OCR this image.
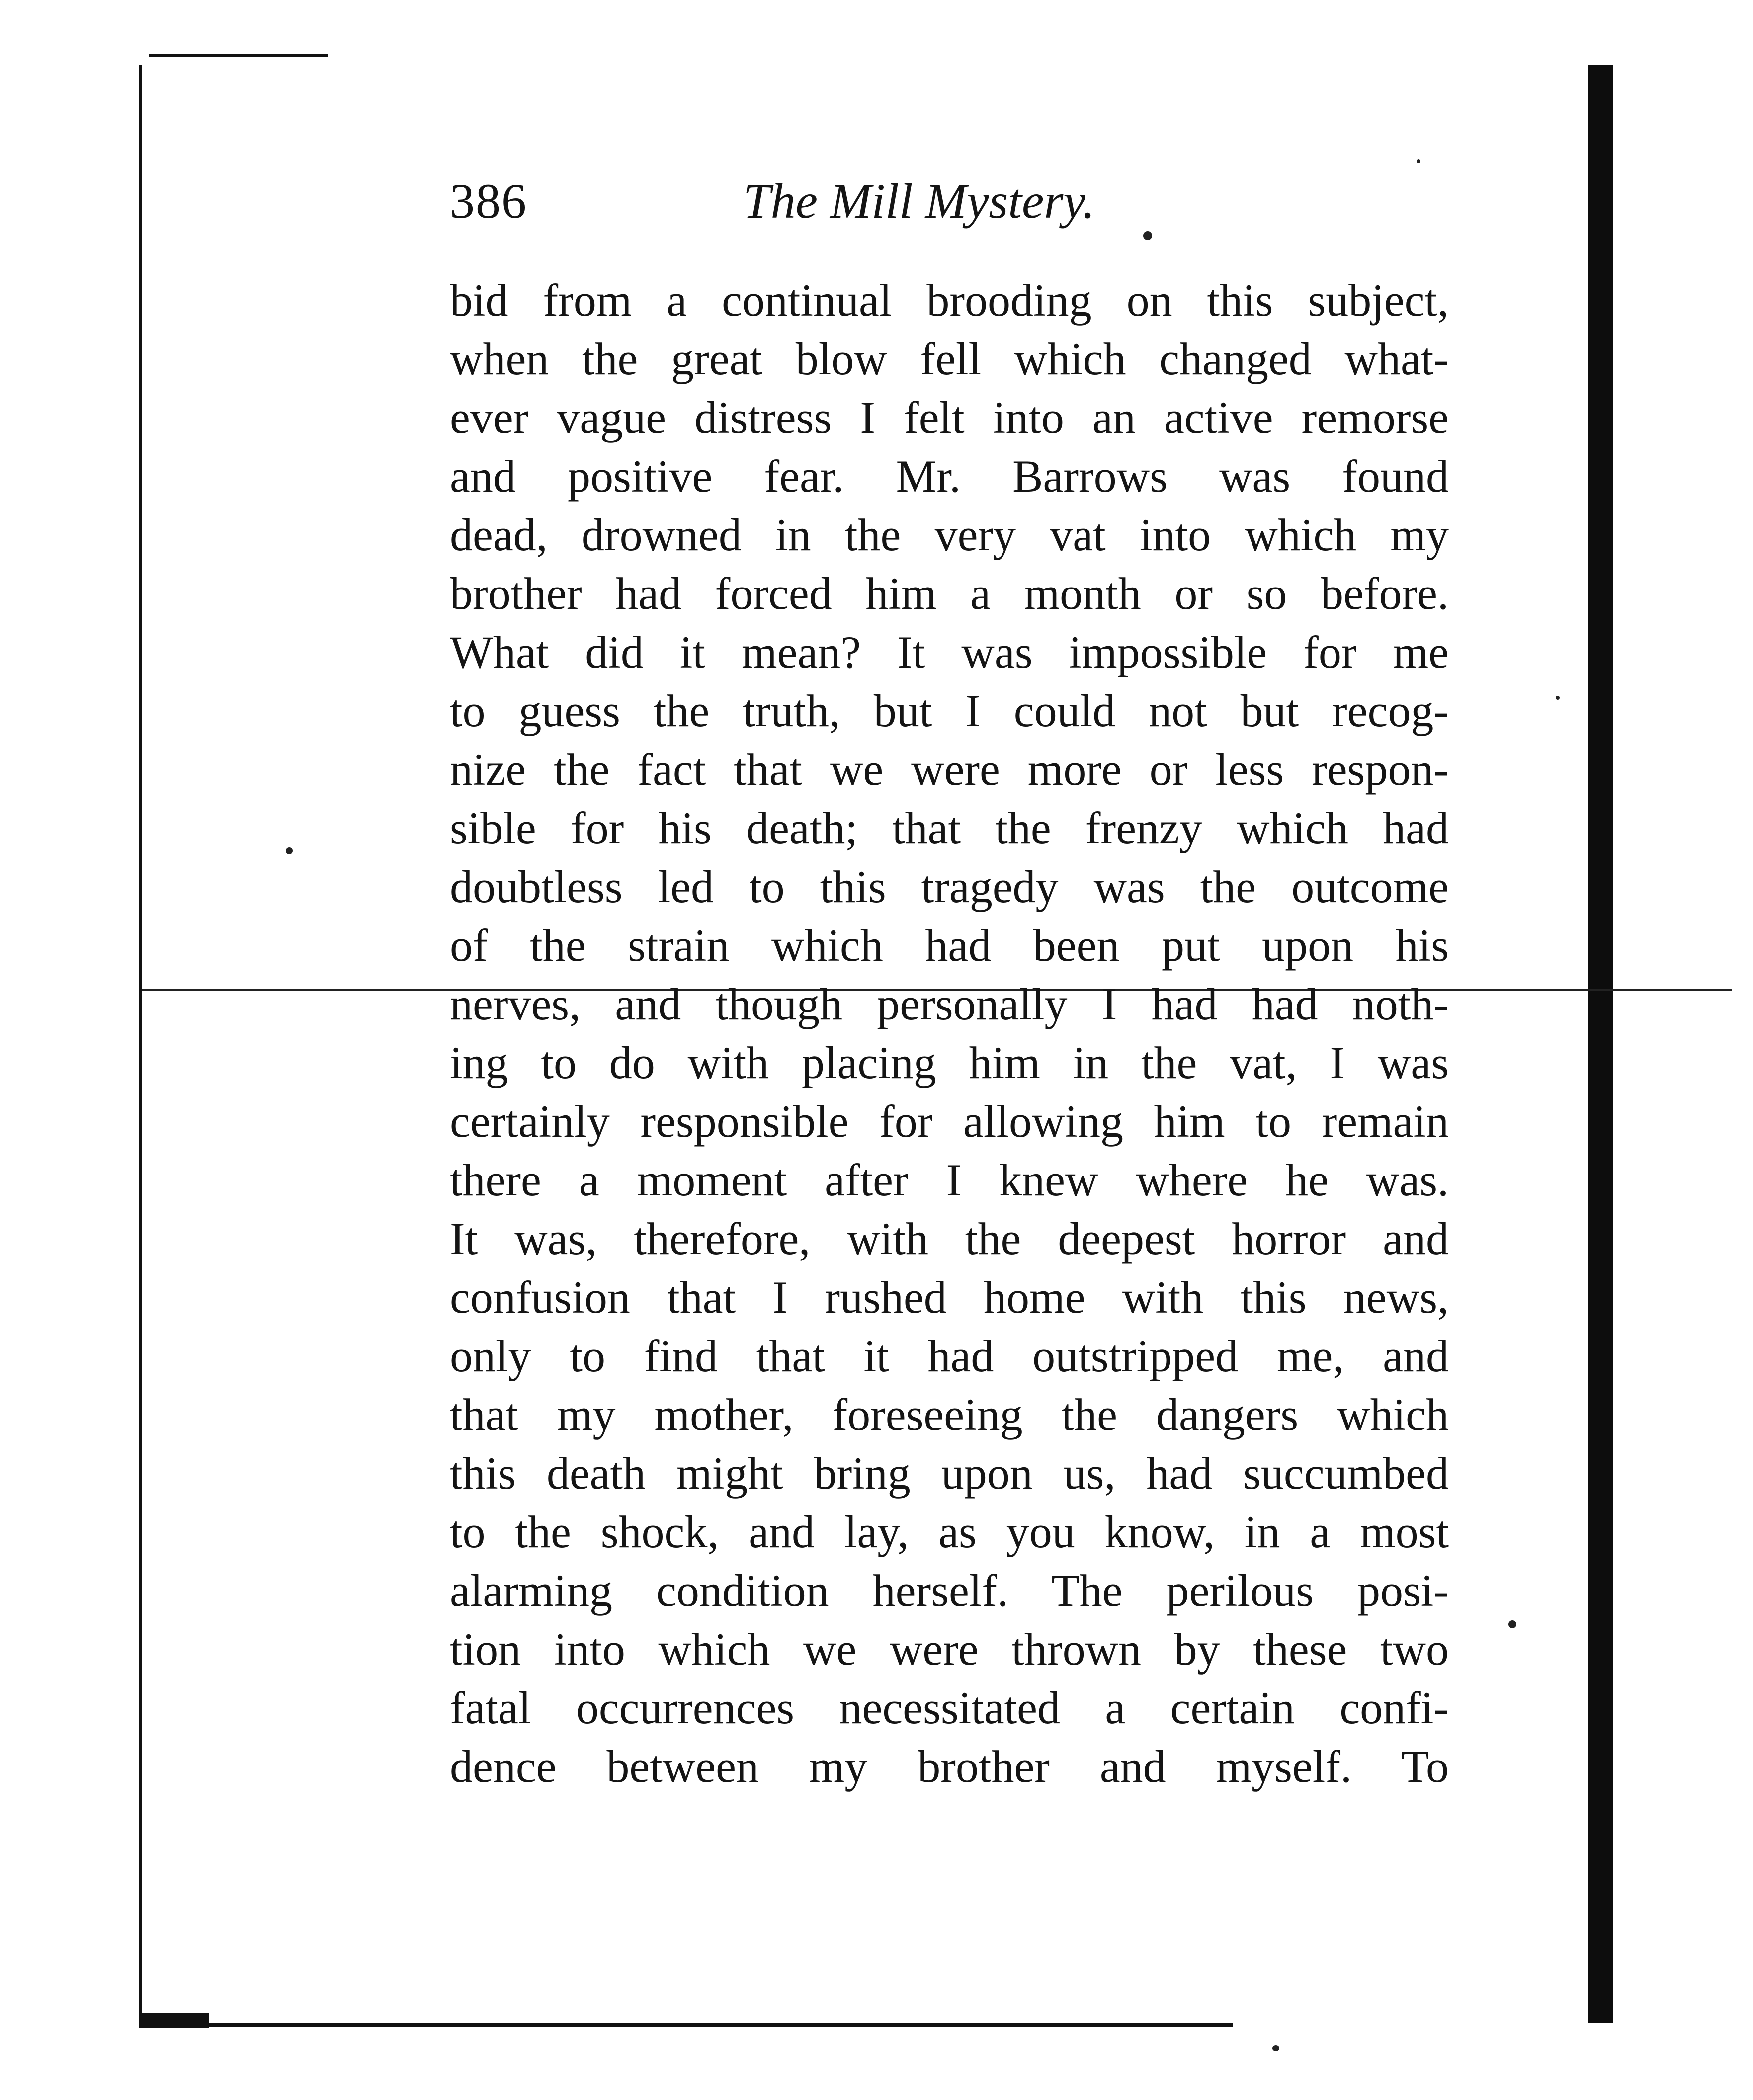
386	The Mill Mystery.
bid from a continual brooding on this subject,
when the great blow fell which changed what-
ever vague distress I felt into an active remorse
and positive fear. Mr. Barrows was found
dead, drowned in the very vat into which my
brother had forced him a month or so before.
What did it mean? It was impossible for me
to guess the truth, but I could not but recog-
nize the fact that we were more or less respon-
sible for his death; that the frenzy which had
doubtless led to this tragedy was the outcome
of the strain which had been put upon his
nerves, and though personally I had had noth-
ing to do with placing him in the vat, I was
certainly responsible for allowing him to remain
there a moment after I knew where he was.
It was, therefore, with the deepest horror and
confusion that I rushed home with this news,
only to find that it had outstripped me, and
that my mother, foreseeing the dangers which
this death might bring upon us, had succumbed
to the shock, and lay, as you know, in a most
alarming condition herself. The perilous posi-
tion into which we were thrown by these two
fatal occurrences necessitated a certain confi-
dence between my brother and myself. To
